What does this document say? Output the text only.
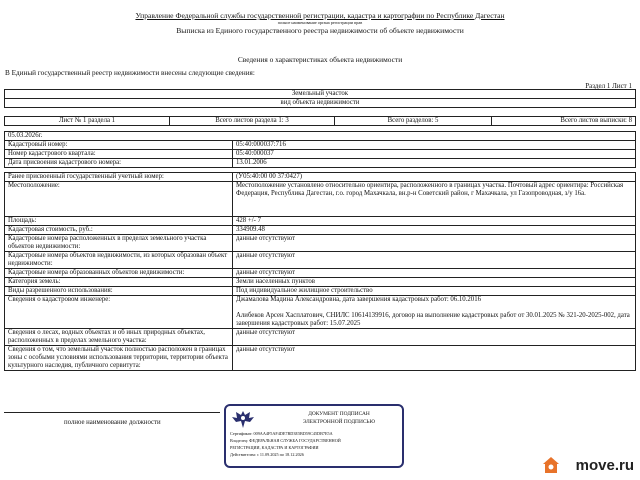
Управление Федеральной службы государственной регистрации, кадастра и картографии по Республике Дагестан
полное наименование органа регистрации прав
Выписка из Единого государственного реестра недвижимости об объекте недвижимости
Сведения о характеристиках объекта недвижимости
В Единый государственный реестр недвижимости внесены следующие сведения:
Раздел 1 Лист 1
Земельный участок
вид объекта недвижимости
Лист № 1 раздела 1	Всего листов раздела 1: 3	Всего разделов: 5	Всего листов выписки: 8
05.03.2026г.	
Кадастровый номер:	05:40:000037:716
Номер кадастрового квартала:	05:40:000037
Дата присвоения кадастрового номера:	13.01.2006

Ранее присвоенный государственный учетный номер:	(У05:40:00 00 37:0427)
Местоположение:	Местоположение установлено относительно ориентира, расположенного в границах участка. Почтовый адрес ориентира: Российская Федерация, Республика Дагестан, г.о. город Махачкала, вн.р-н Советский район, г Махачкала, ул Газопроводная, з/у 16а.
Площадь:	428 +/- 7
Кадастровая стоимость, руб.:	334909.48
Кадастровые номера расположенных в пределах земельного участка объектов недвижимости:	данные отсутствуют
Кадастровые номера объектов недвижимости, из которых образован объект недвижимости:	данные отсутствуют
Кадастровые номера образованных объектов недвижимости:	данные отсутствуют
Категория земель:	Земли населенных пунктов
Виды разрешенного использования:	Под индивидуальное жилищное строительство
Сведения о кадастровом инженере:	Джамалова Мадина Александровна, дата завершения кадастровых работ: 06.10.2016
Алибеков Арсен Хасплатович, СНИЛС 10614139916, договор на выполнение кадастровых работ от 30.01.2025 № 321-20-2025-002, дата завершения кадастровых работ: 15.07.2025

Сведения о лесах, водных объектах и об иных природных объектах, расположенных в пределах земельного участка:	данные отсутствуют
Сведения о том, что земельный участок полностью расположен в границах зоны с особыми условиями использования территории, территории объекта культурного наследия, публичного сервитута:	данные отсутствуют
полное наименование должности
ДОКУМЕНТ ПОДПИСАН
ЭЛЕКТРОННОЙ ПОДПИСЬЮ
Сертификат: 009AA4F5AF4DE7BD3E5BD59C45DB7E5A
Владелец: ФЕДЕРАЛЬНАЯ СЛУЖБА ГОСУДАРСТВЕННОЙ
РЕГИСТРАЦИИ, КАДАСТРА И КАРТОГРАФИИ
Действителен: с 11.09.2025 по 18.12.2026
move.ru
